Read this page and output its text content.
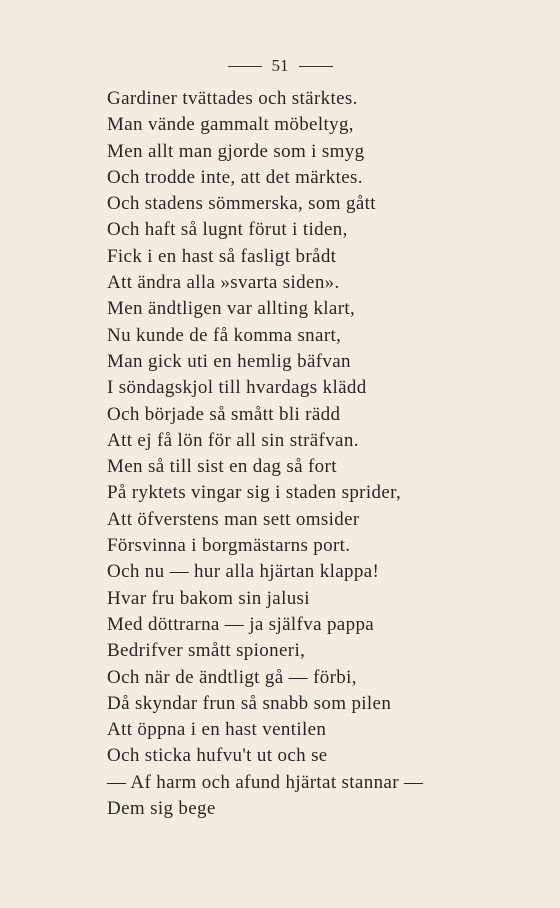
51
Gardiner tvättades och stärktes.
Man vände gammalt möbeltyg,
Men allt man gjorde som i smyg
Och trodde inte, att det märktes.
Och stadens sömmerska, som gått
Och haft så lugnt förut i tiden,
Fick i en hast så fasligt brådt
Att ändra alla »svarta siden».
Men ändtligen var allting klart,
Nu kunde de få komma snart,
Man gick uti en hemlig bäfvan
I söndagskjol till hvardags klädd
Och började så smått bli rädd
Att ej få lön för all sin sträfvan.
Men så till sist en dag så fort
På ryktets vingar sig i staden sprider,
Att öfverstens man sett omsider
Försvinna i borgmästarns port.
Och nu — hur alla hjärtan klappa!
Hvar fru bakom sin jalusi
Med döttrarna — ja själfva pappa
Bedrifver smått spioneri,
Och när de ändtligt gå — förbi,
Då skyndar frun så snabb som pilen
Att öppna i en hast ventilen
Och sticka hufvu't ut och se
— Af harm och afund hjärtat stannar —
Dem sig bege
